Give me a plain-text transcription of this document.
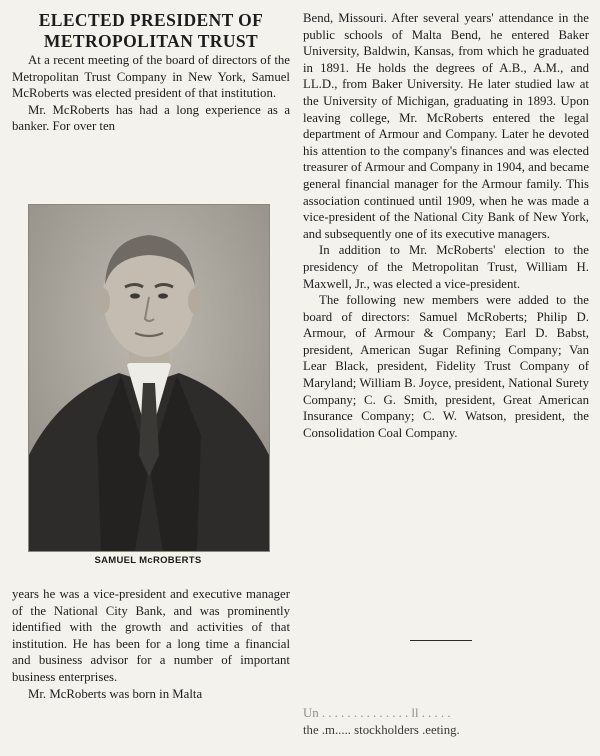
ELECTED PRESIDENT OF
METROPOLITAN TRUST

At a recent meeting of the board of directors of the Metropolitan Trust Company in New York, Samuel McRoberts was elected president of that institution.

Mr. McRoberts has had a long experience as a banker. For over ten

SAMUEL McROBERTS

years he was a vice-president and executive manager of the National City Bank, and was prominently identified with the growth and activities of that institution. He has been for a long time a financial and business advisor for a number of important business enterprises.

Mr. McRoberts was born in Malta

Bend, Missouri. After several years' attendance in the public schools of Malta Bend, he entered Baker University, Baldwin, Kansas, from which he graduated in 1891. He holds the degrees of A.B., A.M., and LL.D., from Baker University. He later studied law at the University of Michigan, graduating in 1893. Upon leaving college, Mr. McRoberts entered the legal department of Armour and Company. Later he devoted his attention to the company's finances and was elected treasurer of Armour and Company in 1904, and became general financial manager for the Armour family. This association continued until 1909, when he was made a vice-president of the National City Bank of New York, and subsequently one of its executive managers.

In addition to Mr. McRoberts' election to the presidency of the Metropolitan Trust, William H. Maxwell, Jr., was elected a vice-president.

The following new members were added to the board of directors: Samuel McRoberts; Philip D. Armour, of Armour & Company; Earl D. Babst, president, American Sugar Refining Company; Van Lear Black, president, Fidelity Trust Company of Maryland; William B. Joyce, president, National Surety Company; C. G. Smith, president, Great American Insurance Company; C. W. Watson, president, the Consolidation Coal Company.

Un . . . . . . . . . . . . . . ll . . . . .
the .m..... stockholders .eeting.
